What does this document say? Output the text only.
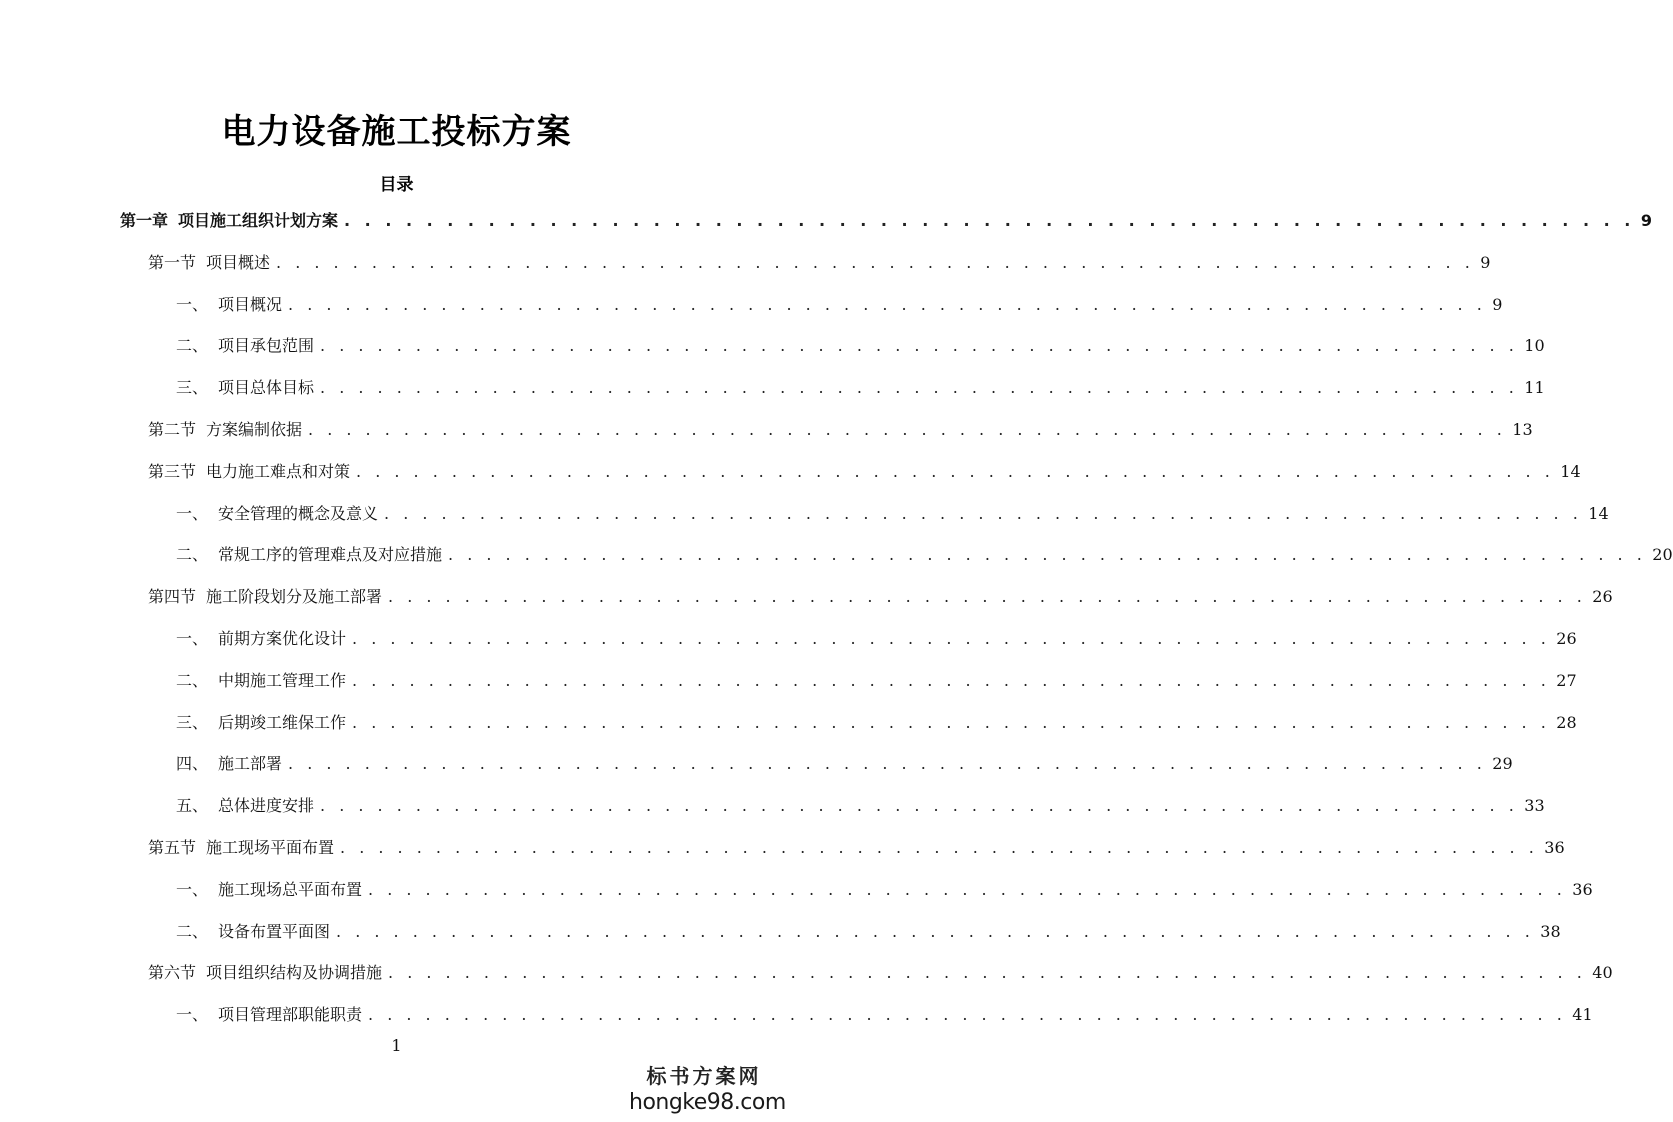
电力设备施工投标方案
目录
第一章 项目施工组织计划方案 . . . . . . . . . . . . . . . . . . . . . . . . . . . . . . . . . . . . . . . . . . . . . . . . . . . . . . . . . . . . . . . 9
第一节 项目概述 . . . . . . . . . . . . . . . . . . . . . . . . . . . . . . . . . . . . . . . . . . . . . . . . . . . . . . . . . . . . . . . 9
一、 项目概况 . . . . . . . . . . . . . . . . . . . . . . . . . . . . . . . . . . . . . . . . . . . . . . . . . . . . . . . . . . . . . . . 9
二、 项目承包范围 . . . . . . . . . . . . . . . . . . . . . . . . . . . . . . . . . . . . . . . . . . . . . . . . . . . . . . . . . . . . . . . 10
三、 项目总体目标 . . . . . . . . . . . . . . . . . . . . . . . . . . . . . . . . . . . . . . . . . . . . . . . . . . . . . . . . . . . . . . . 11
第二节 方案编制依据 . . . . . . . . . . . . . . . . . . . . . . . . . . . . . . . . . . . . . . . . . . . . . . . . . . . . . . . . . . . . . . . 13
第三节 电力施工难点和对策 . . . . . . . . . . . . . . . . . . . . . . . . . . . . . . . . . . . . . . . . . . . . . . . . . . . . . . . . . . . . . . . 14
一、 安全管理的概念及意义 . . . . . . . . . . . . . . . . . . . . . . . . . . . . . . . . . . . . . . . . . . . . . . . . . . . . . . . . . . . . . . . 14
二、 常规工序的管理难点及对应措施 . . . . . . . . . . . . . . . . . . . . . . . . . . . . . . . . . . . . . . . . . . . . . . . . . . . . . . . . . . . . . . . 20
第四节 施工阶段划分及施工部署 . . . . . . . . . . . . . . . . . . . . . . . . . . . . . . . . . . . . . . . . . . . . . . . . . . . . . . . . . . . . . . . 26
一、 前期方案优化设计 . . . . . . . . . . . . . . . . . . . . . . . . . . . . . . . . . . . . . . . . . . . . . . . . . . . . . . . . . . . . . . . 26
二、 中期施工管理工作 . . . . . . . . . . . . . . . . . . . . . . . . . . . . . . . . . . . . . . . . . . . . . . . . . . . . . . . . . . . . . . . 27
三、 后期竣工维保工作 . . . . . . . . . . . . . . . . . . . . . . . . . . . . . . . . . . . . . . . . . . . . . . . . . . . . . . . . . . . . . . . 28
四、 施工部署 . . . . . . . . . . . . . . . . . . . . . . . . . . . . . . . . . . . . . . . . . . . . . . . . . . . . . . . . . . . . . . . 29
五、 总体进度安排 . . . . . . . . . . . . . . . . . . . . . . . . . . . . . . . . . . . . . . . . . . . . . . . . . . . . . . . . . . . . . . . 33
第五节 施工现场平面布置 . . . . . . . . . . . . . . . . . . . . . . . . . . . . . . . . . . . . . . . . . . . . . . . . . . . . . . . . . . . . . . . 36
一、 施工现场总平面布置 . . . . . . . . . . . . . . . . . . . . . . . . . . . . . . . . . . . . . . . . . . . . . . . . . . . . . . . . . . . . . . . 36
二、 设备布置平面图 . . . . . . . . . . . . . . . . . . . . . . . . . . . . . . . . . . . . . . . . . . . . . . . . . . . . . . . . . . . . . . . 38
第六节 项目组织结构及协调措施 . . . . . . . . . . . . . . . . . . . . . . . . . . . . . . . . . . . . . . . . . . . . . . . . . . . . . . . . . . . . . . . 40
一、 项目管理部职能职责 . . . . . . . . . . . . . . . . . . . . . . . . . . . . . . . . . . . . . . . . . . . . . . . . . . . . . . . . . . . . . . . 41
1
标书方案网
hongke98.com
